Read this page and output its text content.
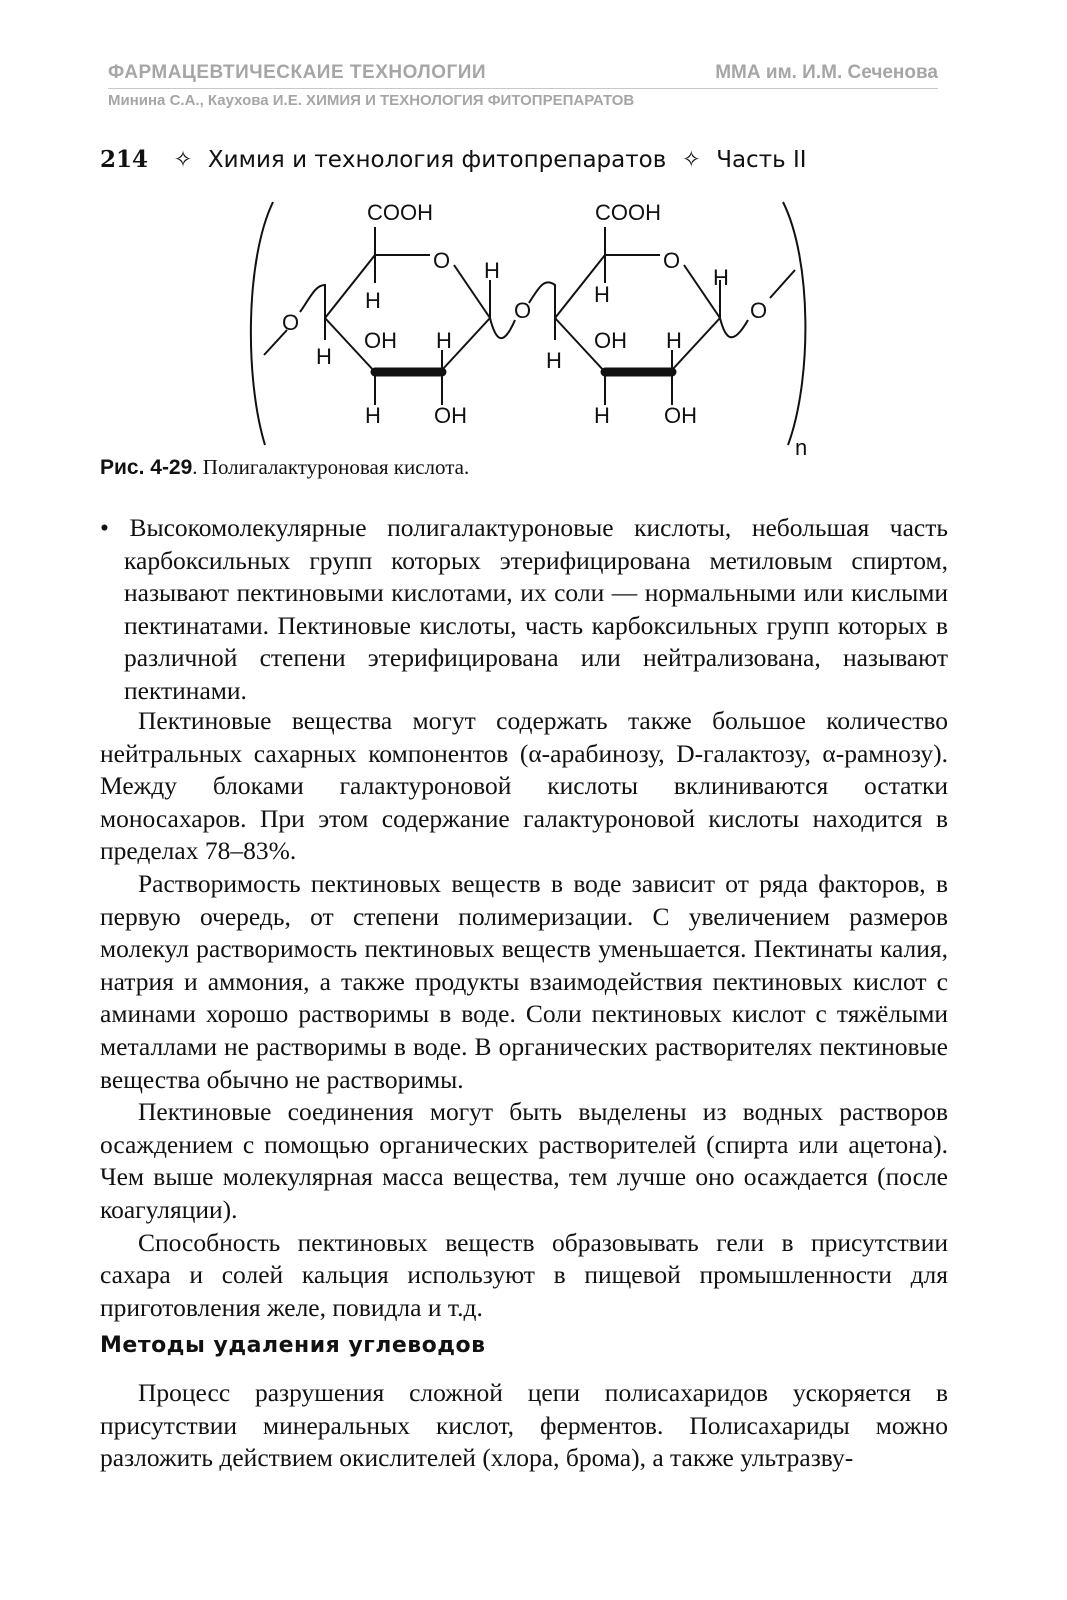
ФАРМАЦЕВТИЧЕСКАИЕ ТЕХНОЛОГИИ	ММА им. И.М. Сеченова
Минина С.А., Каухова И.Е. ХИМИЯ И ТЕХНОЛОГИЯ ФИТОПРЕПАРАТОВ
214 ✧ Химия и технология фитопрепаратов ✧ Часть II
COOH	COOH
O	O
O	O	O
H
H
H
H
H
H
H
H
H
H
OH
OH
OH
OH
n
Рис. 4-29. Полигалактуроновая кислота.

• Высокомолекулярные полигалактуроновые кислоты, небольшая часть карбоксильных групп которых этерифицирована метиловым спиртом, называют пектиновыми кислотами, их соли — нормальными или кислыми пектинатами. Пектиновые кислоты, часть карбоксильных групп которых в различной степени этерифицирована или нейтрализована, называют пектинами.

Пектиновые вещества могут содержать также большое количество нейтральных сахарных компонентов (α-арабинозу, D-галактозу, α-рамнозу). Между блоками галактуроновой кислоты вклиниваются остатки моносахаров. При этом содержание галактуроновой кислоты находится в пределах 78–83%.

Растворимость пектиновых веществ в воде зависит от ряда факторов, в первую очередь, от степени полимеризации. С увеличением размеров молекул растворимость пектиновых веществ уменьшается. Пектинаты калия, натрия и аммония, а также продукты взаимодействия пектиновых кислот с аминами хорошо растворимы в воде. Соли пектиновых кислот с тяжёлыми металлами не растворимы в воде. В органических растворителях пектиновые вещества обычно не растворимы.

Пектиновые соединения могут быть выделены из водных растворов осаждением с помощью органических растворителей (спирта или ацетона). Чем выше молекулярная масса вещества, тем лучше оно осаждается (после коагуляции).

Способность пектиновых веществ образовывать гели в присутствии сахара и солей кальция используют в пищевой промышленности для приготовления желе, повидла и т.д.

Методы удаления углеводов

Процесс разрушения сложной цепи полисахаридов ускоряется в присутствии минеральных кислот, ферментов. Полисахариды можно разложить действием окислителей (хлора, брома), а также ультразву-
